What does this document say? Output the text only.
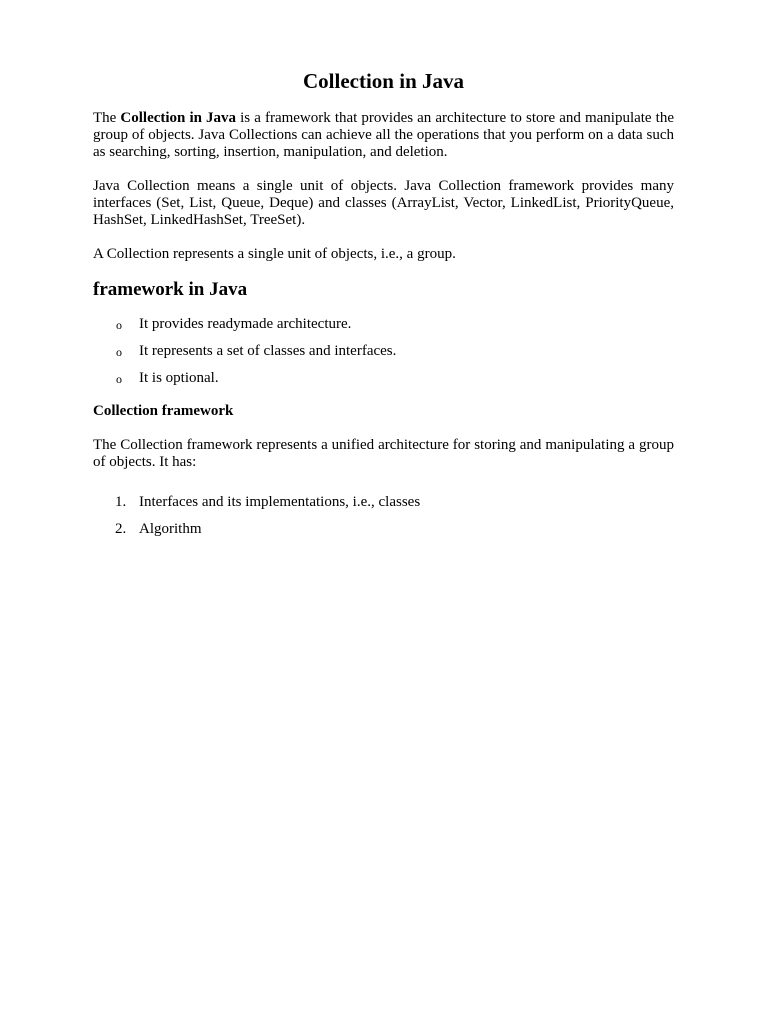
Collection in Java

The Collection in Java is a framework that provides an architecture to store and manipulate the group of objects. Java Collections can achieve all the operations that you perform on a data such as searching, sorting, insertion, manipulation, and deletion.

Java Collection means a single unit of objects. Java Collection framework provides many interfaces (Set, List, Queue, Deque) and classes (ArrayList, Vector, LinkedList, PriorityQueue, HashSet, LinkedHashSet, TreeSet).

A Collection represents a single unit of objects, i.e., a group.

framework in Java
o It provides readymade architecture.
o It represents a set of classes and interfaces.
o It is optional.
Collection framework

The Collection framework represents a unified architecture for storing and manipulating a group of objects. It has:

1. Interfaces and its implementations, i.e., classes
2. Algorithm
